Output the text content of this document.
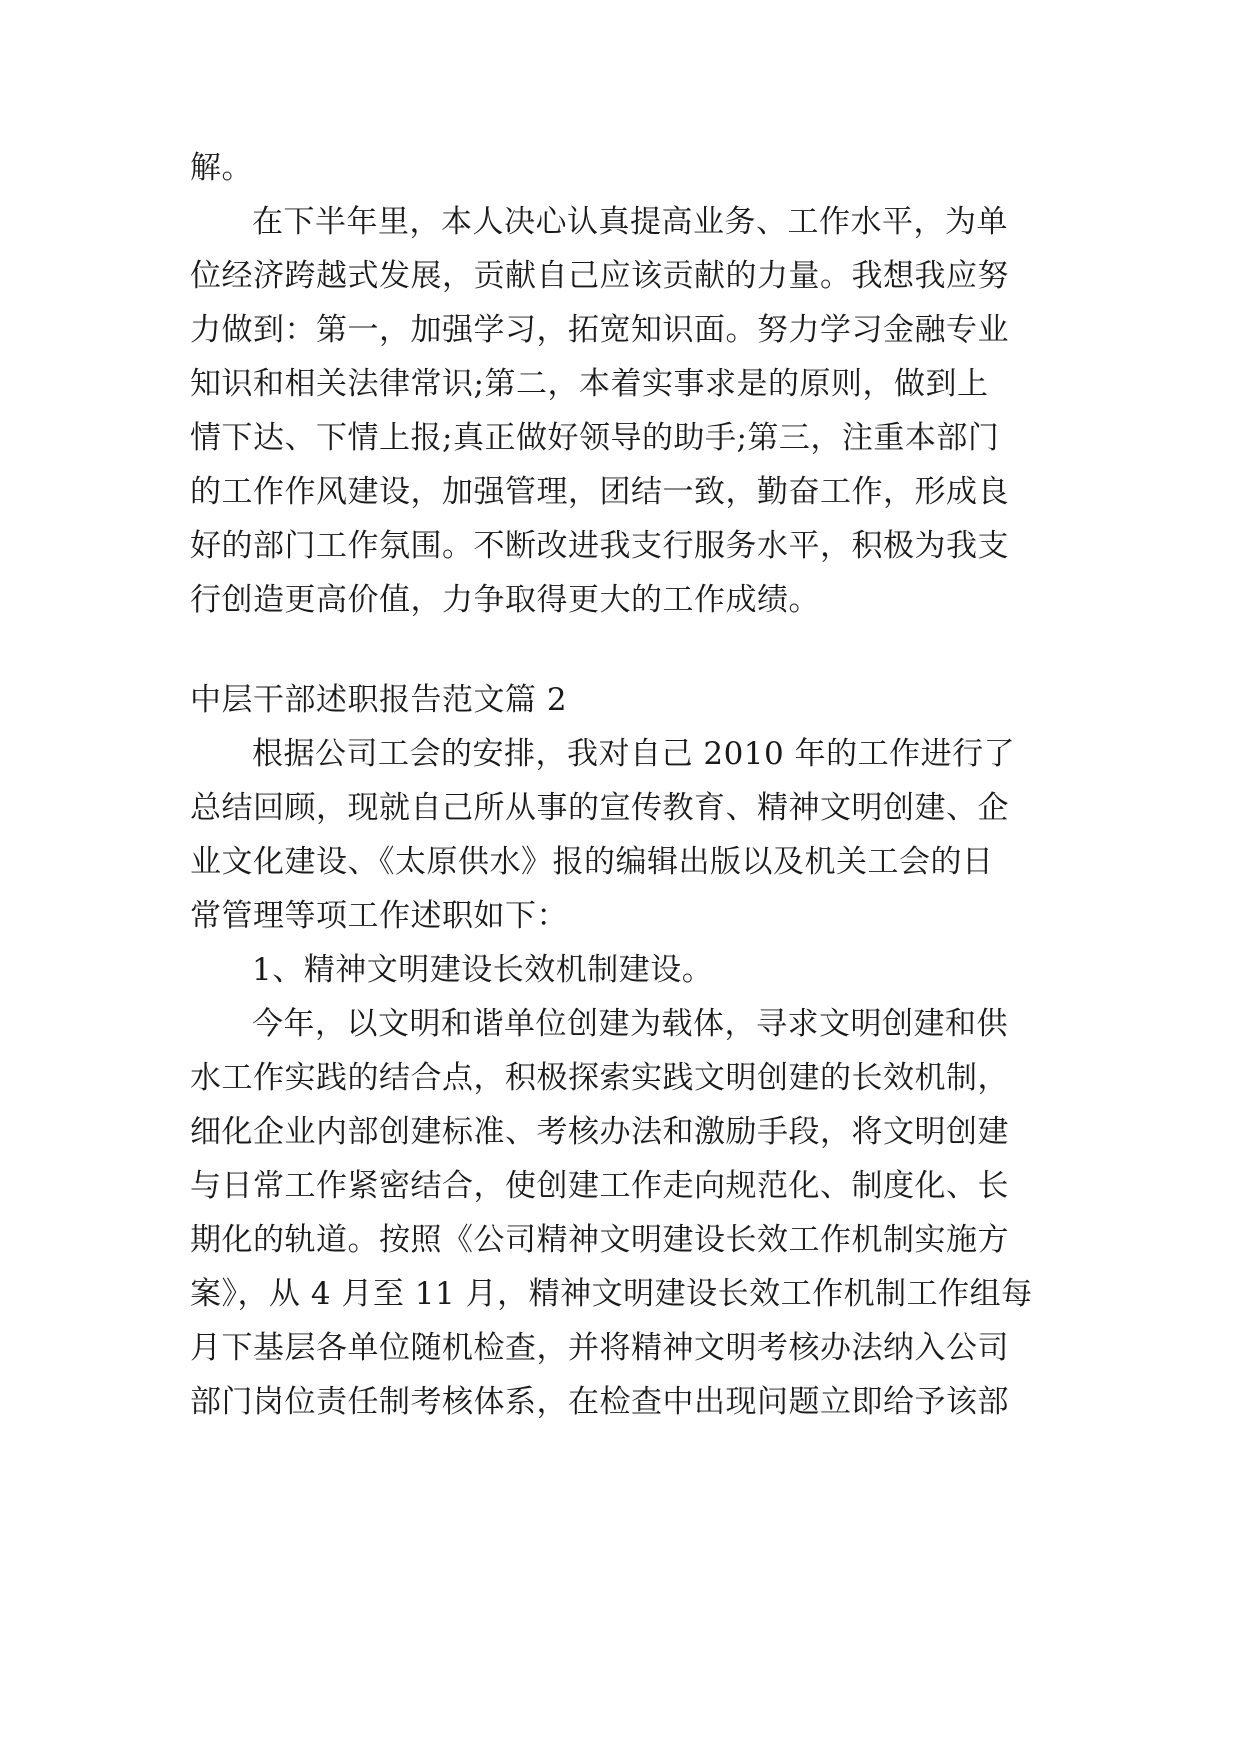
解。
在下半年里，本人决心认真提高业务、工作水平，为单
位经济跨越式发展，贡献自己应该贡献的力量。我想我应努
力做到：第一，加强学习，拓宽知识面。努力学习金融专业
知识和相关法律常识;第二，本着实事求是的原则，做到上
情下达、下情上报;真正做好领导的助手;第三，注重本部门
的工作作风建设，加强管理，团结一致，勤奋工作，形成良
好的部门工作氛围。不断改进我支行服务水平，积极为我支
行创造更高价值，力争取得更大的工作成绩。
中层干部述职报告范文篇 2
根据公司工会的安排，我对自己 2010 年的工作进行了
总结回顾，现就自己所从事的宣传教育、精神文明创建、企
业文化建设、《太原供水》报的编辑出版以及机关工会的日
常管理等项工作述职如下：
1、精神文明建设长效机制建设。
今年，以文明和谐单位创建为载体，寻求文明创建和供
水工作实践的结合点，积极探索实践文明创建的长效机制，
细化企业内部创建标准、考核办法和激励手段，将文明创建
与日常工作紧密结合，使创建工作走向规范化、制度化、长
期化的轨道。按照《公司精神文明建设长效工作机制实施方
案》，从 4 月至 11 月，精神文明建设长效工作机制工作组每
月下基层各单位随机检查，并将精神文明考核办法纳入公司
部门岗位责任制考核体系，在检查中出现问题立即给予该部
